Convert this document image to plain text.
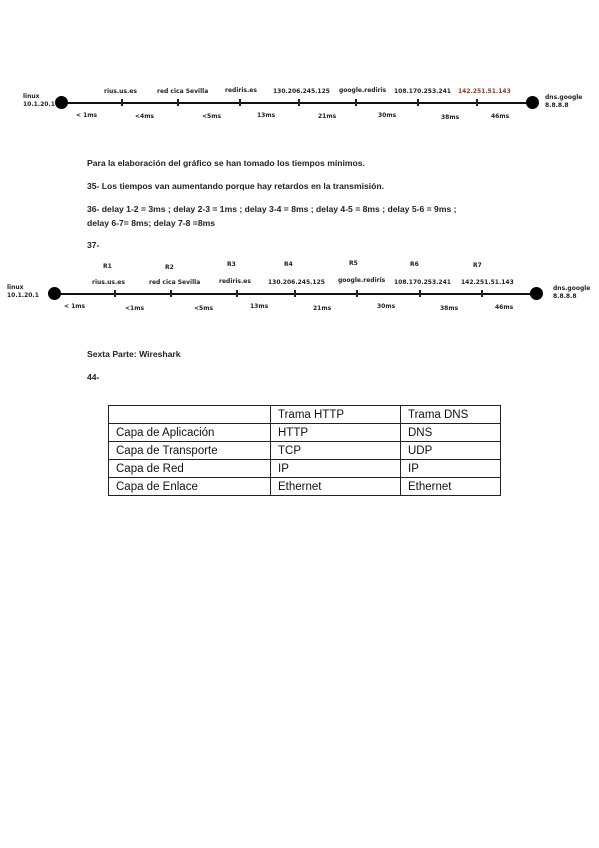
linux
10.1.20.1
dns.google
8.8.8.8
rius.us.es	red cica Sevilla	rediris.es	130.206.245.125 google.rediris 108.170.253.241 142.251.51.143
< 1ms	<4ms	<5ms	13ms	21ms	30ms	38ms	46ms
Para la elaboración del gráfico se han tomado los tiempos mínimos.
35- Los tiempos van aumentando porque hay retardos en la transmisión.
36- delay 1-2 = 3ms ; delay 2-3 = 1ms ; delay 3-4 = 8ms ; delay 4-5 = 8ms ; delay 5-6 = 9ms ;
delay 6-7= 8ms; delay 7-8 =8ms
37-
linux
10.1.20.1
dns.google
8.8.8.8
R1	R2	R3	R4	R5	R6	R7
rius.us.es	red cica Sevilla	rediris.es	130.206.245.125 google.rediris 108.170.253.241 142.251.51.143
< 1ms	<1ms	<5ms	13ms	21ms	30ms	38ms	46ms
Sexta Parte: Wireshark
44-
	Trama HTTP	Trama DNS
Capa de Aplicación	HTTP	DNS
Capa de Transporte	TCP	UDP
Capa de Red	IP	IP
Capa de Enlace	Ethernet	Ethernet
